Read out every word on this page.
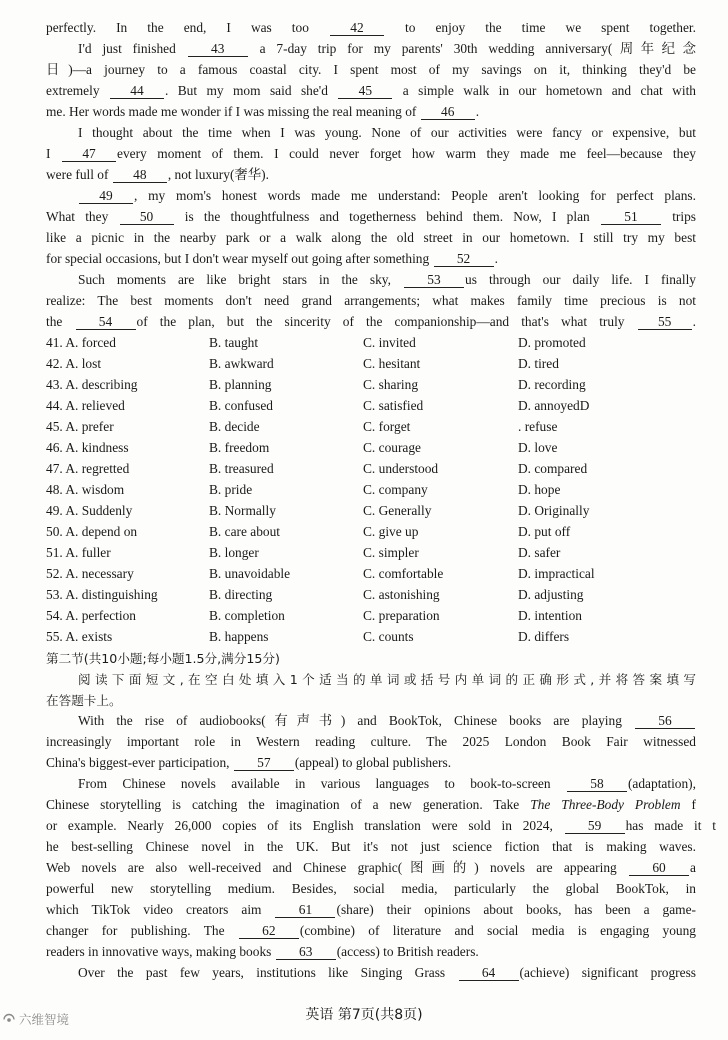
perfectly. In the end, I was too	42	to enjoy the time we spent together.
I'd just finished	43	a 7-day trip for my parents' 30th wedding anniversary(周年纪念
日)—a journey to a famous coastal city. I spent most of my savings on it, thinking they'd be
extremely 44 . But my mom said she'd 45 a simple walk in our hometown and chat with
me. Her words made me wonder if I was missing the real meaning of 46 .
I thought about the time when I was young. None of our activities were fancy or expensive, but
I 47 every moment of them. I could never forget how warm they made me feel—because they
were full of 48 , not luxury(奢华).
49 , my mom's honest words made me understand: People aren't looking for perfect plans.
What they 50 is the thoughtfulness and togetherness behind them. Now, I plan	51	trips
like a picnic in the nearby park or a walk along the old street in our hometown. I still try my best
for special occasions, but I don't wear myself out going after something 52 .
Such moments are like bright stars in the sky,	53 us through our daily life. I finally
realize: The best moments don't need grand arrangements; what makes family time precious is not
the	54 of the plan, but the sincerity of the companionship—and that's what truly 55 .
41. A. forced	B. taught	C. invited	D. promoted
42. A. lost	B. awkward	C. hesitant	D. tired
43. A. describing	B. planning	C. sharing	D. recording
44. A. relieved	B. confused	C. satisfied	D. annoyedD
45. A. prefer	B. decide	C. forget	. refuse
46. A. kindness	B. freedom	C. courage	D. love
47. A. regretted	B. treasured	C. understood	D. compared
48. A. wisdom	B. pride	C. company	D. hope
49. A. Suddenly	B. Normally	C. Generally	D. Originally
50. A. depend on	B. care about	C. give up	D. put off
51. A. fuller	B. longer	C. simpler	D. safer
52. A. necessary	B. unavoidable	C. comfortable	D. impractical
53. A. distinguishing	B. directing	C. astonishing	D. adjusting
54. A. perfection	B. completion	C. preparation	D. intention
55. A. exists	B. happens	C. counts	D. differs
第二节(共10小题;每小题1.5分,满分15分)
阅读下面短文,在空白处填入1个适当的单词或括号内单词的正确形式,并将答案填写
在答题卡上。
With the rise of audiobooks(有声书) and BookTok, Chinese books are playing	56
increasingly important role in Western reading culture. The 2025 London Book Fair witnessed
China's biggest-ever participation, 57 (appeal) to global publishers.
From Chinese novels available in various languages to book-to-screen	58 (adaptation),
Chinese storytelling is catching the imagination of a new generation. Take The Three-Body Problem f
or example. Nearly 26,000 copies of its English translation were sold in 2024,	59 has made it t
he best-selling Chinese novel in the UK. But it's not just science fiction that is making waves.
Web novels are also well-received and Chinese graphic(图画的) novels are appearing	60 a
powerful new storytelling medium. Besides, social media, particularly the global BookTok, in
which TikTok video creators aim	61 (share) their opinions about books, has been a game-
changer for publishing. The	62 (combine) of literature and social media is engaging young
readers in innovative ways, making books 63 (access) to British readers.
Over the past few years, institutions like Singing Grass	64 (achieve) significant progress
英语 第7页(共8页)
六维智境
